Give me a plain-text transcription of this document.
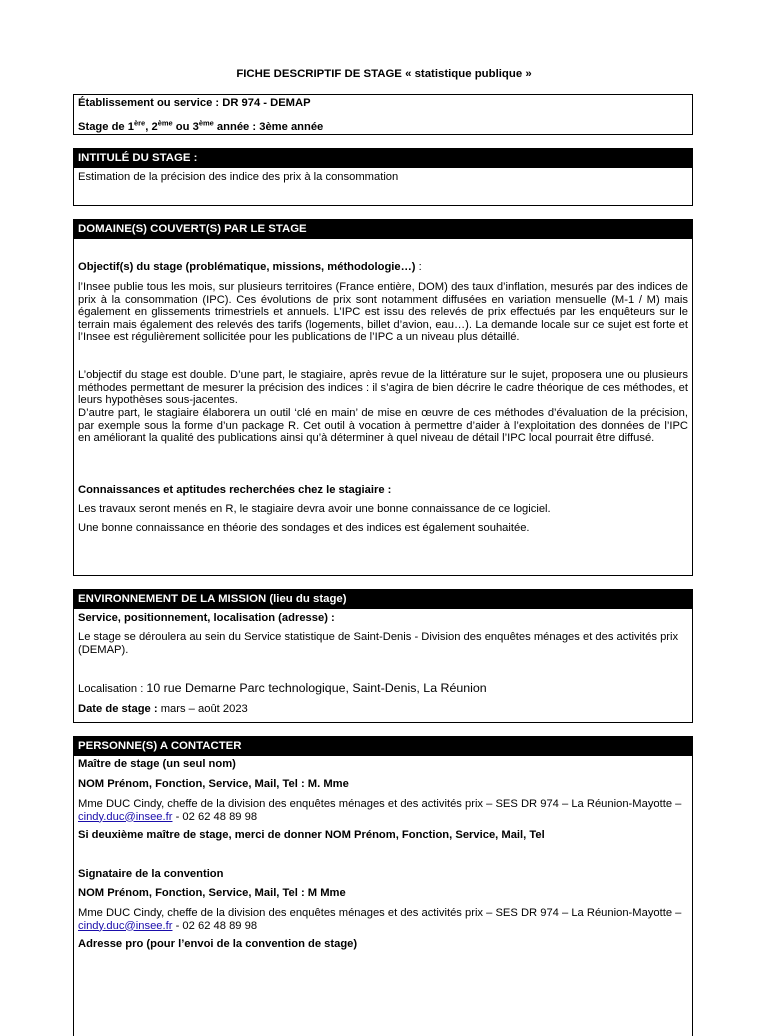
FICHE DESCRIPTIF DE STAGE « statistique publique »

Établissement ou service : DR 974 - DEMAP

Stage de 1ère, 2ème ou 3ème année : 3ème année

INTITULÉ DU STAGE :

Estimation de la précision des indice des prix à la consommation

DOMAINE(S) COUVERT(S) PAR LE STAGE

Objectif(s) du stage (problématique, missions, méthodologie…) :

l’Insee publie tous les mois, sur plusieurs territoires (France entière, DOM) des taux d’inflation, mesurés par des indices de prix à la consommation (IPC). Ces évolutions de prix sont notamment diffusées en variation mensuelle (M-1 / M) mais également en glissements trimestriels et annuels. L’IPC est issu des relevés de prix effectués par les enquêteurs sur le terrain mais également des relevés des tarifs (logements, billet d’avion, eau…). La demande locale sur ce sujet est forte et l’Insee est régulièrement sollicitée pour les publications de l’IPC a un niveau plus détaillé.

L’objectif du stage est double. D’une part, le stagiaire, après revue de la littérature sur le sujet, proposera une ou plusieurs méthodes permettant de mesurer la précision des indices : il s’agira de bien décrire le cadre théorique de ces méthodes, et leurs hypothèses sous-jacentes.

D’autre part, le stagiaire élaborera un outil ‘clé en main’ de mise en œuvre de ces méthodes d’évaluation de la précision, par exemple sous la forme d’un package R. Cet outil à vocation à permettre d’aider à l’exploitation des données de l’IPC en améliorant la qualité des publications ainsi qu’à déterminer à quel niveau de détail l’IPC local pourrait être diffusé.

Connaissances et aptitudes recherchées chez le stagiaire :

Les travaux seront menés en R, le stagiaire devra avoir une bonne connaissance de ce logiciel.

Une bonne connaissance en théorie des sondages et des indices est également souhaitée.

ENVIRONNEMENT DE LA MISSION (lieu du stage)

Service, positionnement, localisation (adresse) :

Le stage se déroulera au sein du Service statistique de Saint-Denis - Division des enquêtes ménages et des activités prix (DEMAP).

Localisation : 10 rue Demarne Parc technologique, Saint-Denis, La Réunion

Date de stage : mars – août 2023

PERSONNE(S) A CONTACTER

Maître de stage (un seul nom)

NOM Prénom, Fonction, Service, Mail, Tel : M. Mme

Mme DUC Cindy, cheffe de la division des enquêtes ménages et des activités prix – SES DR 974 – La Réunion-Mayotte – cindy.duc@insee.fr - 02 62 48 89 98

Si deuxième maître de stage, merci de donner NOM Prénom, Fonction, Service, Mail, Tel

Signataire de la convention

NOM Prénom, Fonction, Service, Mail, Tel : M Mme

Mme DUC Cindy, cheffe de la division des enquêtes ménages et des activités prix – SES DR 974 – La Réunion-Mayotte – cindy.duc@insee.fr - 02 62 48 89 98

Adresse pro (pour l’envoi de la convention de stage)
